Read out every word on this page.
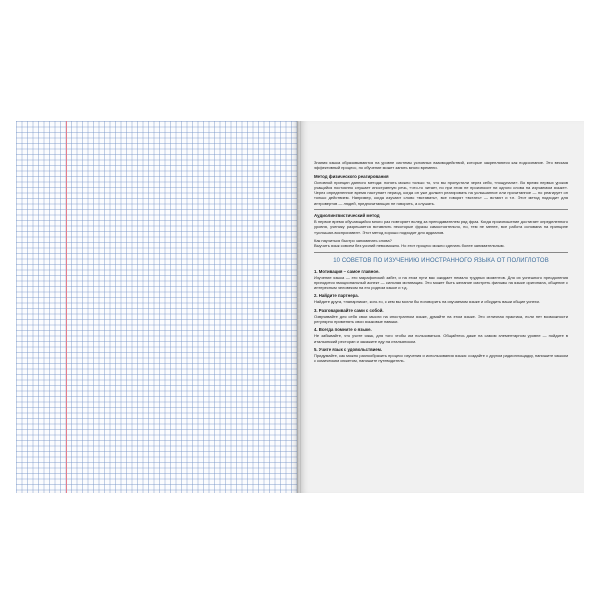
Знания языка образовываются на уровне системы условных взаимодействий, которые закрепляются как подсознание. Это весьма эффективный процесс, но обучение может занять много времени.

Метод физического реагирования

Основной принцип данного метода: понять можно только то, что вы пропустили через себя, «пощупали». Во время первых уроков учащийся постоянно слушает иностранную речь, «что-то читает, но при этом не произносит ни одного слова на изучаемом языке». Через определенное время наступает период, когда он уже должен реагировать на услышанное или прочитанное — но реагирует он только действием. Например, когда изучают слово «вставать», все говорят «встать» — встают и т.п. Этот метод подходит для интровертов — людей, предпочитающих не говорить, а слушать.

Аудиолингвистический метод

В первое время обучающийся много раз повторяет вслед за преподавателем ряд фраз. Когда произношение достигает определенного уровня, ученику разрешается вставлять некоторые фразы самостоятельно, но, тем не менее, все работа основана на принципе «услышал-воспроизвел». Этот метод хорошо подходит для аудиалов.

Как научиться быстро запоминать слова?
Выучить язык совсем без усилий невозможно. Но этот процесс можно сделать более занимательным.

10 СОВЕТОВ ПО ИЗУЧЕНИЮ ИНОСТРАННОГО ЯЗЫКА ОТ ПОЛИГЛОТОВ
1. Мотивация – самое главное.

Изучение языка — это марафонский забег, и на этом пути вас ожидает немало трудных моментов. Для их успешного преодоления пригодится эмоциональный аспект — сильная мотивация. Это может быть желание смотреть фильмы на языке оригинала, общение с интересным человеком на его родном языке и т.д.

2. Найдите партнера.

Найдите друга, «напарника», кого-то, с кем вы могли бы поговорить на изучаемом языке и обсудить ваши общие успехи.

3. Разговаривайте сами с собой.

Озвучивайте для себя свои мысли на иностранном языке, думайте на этом языке. Это отличная практика, если нет возможности регулярно применять свои языковые навыки.

4. Всегда помните о языке.

Не забывайте, что учите язык, для того чтобы им пользоваться. Общайтесь даже на самом элементарном уровне — пойдите в итальянский ресторан и закажите еду на итальянском.

5. Учите язык с удовольствием.

Придумайте, как можно разнообразить процесс изучения и использования языка: создайте с другом радиоплощадку, напишите языком с комическим сюжетом, напишите путеводитель.
